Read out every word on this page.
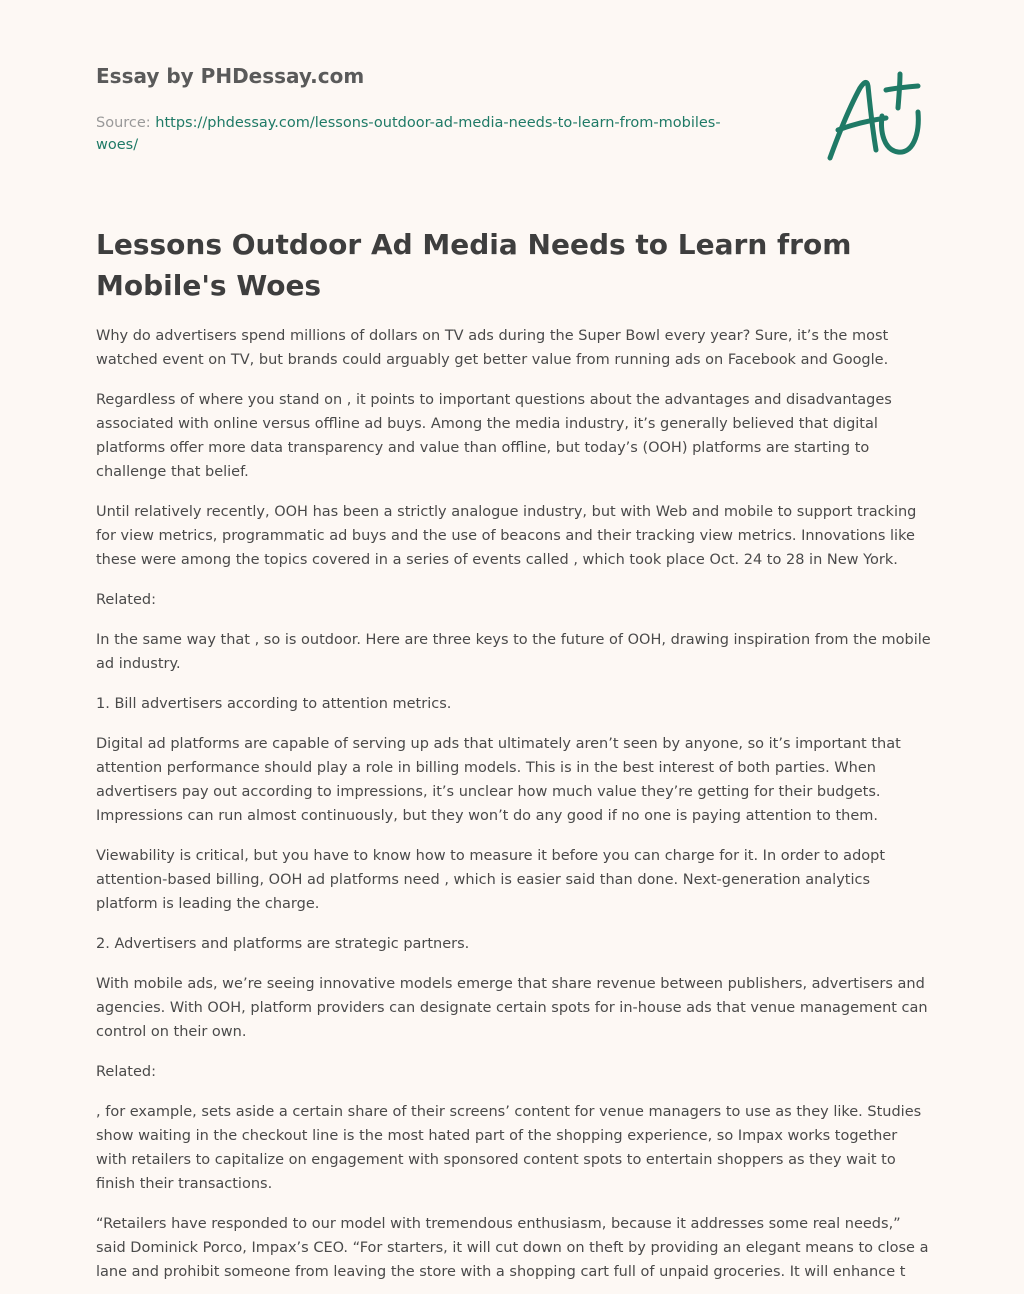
Essay by PHDessay.com

Source: https://phdessay.com/lessons-outdoor-ad-media-needs-to-learn-from-mobiles-woes/

Lessons Outdoor Ad Media Needs to Learn from Mobile's Woes

Why do advertisers spend millions of dollars on TV ads during the Super Bowl every year? Sure, it’s the most watched event on TV, but brands could arguably get better value from running ads on Facebook and Google.

Regardless of where you stand on , it points to important questions about the advantages and disadvantages associated with online versus offline ad buys. Among the media industry, it’s generally believed that digital platforms offer more data transparency and value than offline, but today’s (OOH) platforms are starting to challenge that belief.

Until relatively recently, OOH has been a strictly analogue industry, but with Web and mobile to support tracking for view metrics, programmatic ad buys and the use of beacons and their tracking view metrics. Innovations like these were among the topics covered in a series of events called , which took place Oct. 24 to 28 in New York.

Related:

In the same way that , so is outdoor. Here are three keys to the future of OOH, drawing inspiration from the mobile ad industry.

1. Bill advertisers according to attention metrics.

Digital ad platforms are capable of serving up ads that ultimately aren’t seen by anyone, so it’s important that attention performance should play a role in billing models. This is in the best interest of both parties. When advertisers pay out according to impressions, it’s unclear how much value they’re getting for their budgets. Impressions can run almost continuously, but they won’t do any good if no one is paying attention to them.

Viewability is critical, but you have to know how to measure it before you can charge for it. In order to adopt attention-based billing, OOH ad platforms need , which is easier said than done. Next-generation analytics platform is leading the charge.

2. Advertisers and platforms are strategic partners.

With mobile ads, we’re seeing innovative models emerge that share revenue between publishers, advertisers and agencies. With OOH, platform providers can designate certain spots for in-house ads that venue management can control on their own.

Related:

, for example, sets aside a certain share of their screens’ content for venue managers to use as they like. Studies show waiting in the checkout line is the most hated part of the shopping experience, so Impax works together with retailers to capitalize on engagement with sponsored content spots to entertain shoppers as they wait to finish their transactions.

“Retailers have responded to our model with tremendous enthusiasm, because it addresses some real needs,” said Dominick Porco, Impax’s CEO. “For starters, it will cut down on theft by providing an elegant means to close a lane and prohibit someone from leaving the store with a shopping cart full of unpaid groceries. It will enhance t
